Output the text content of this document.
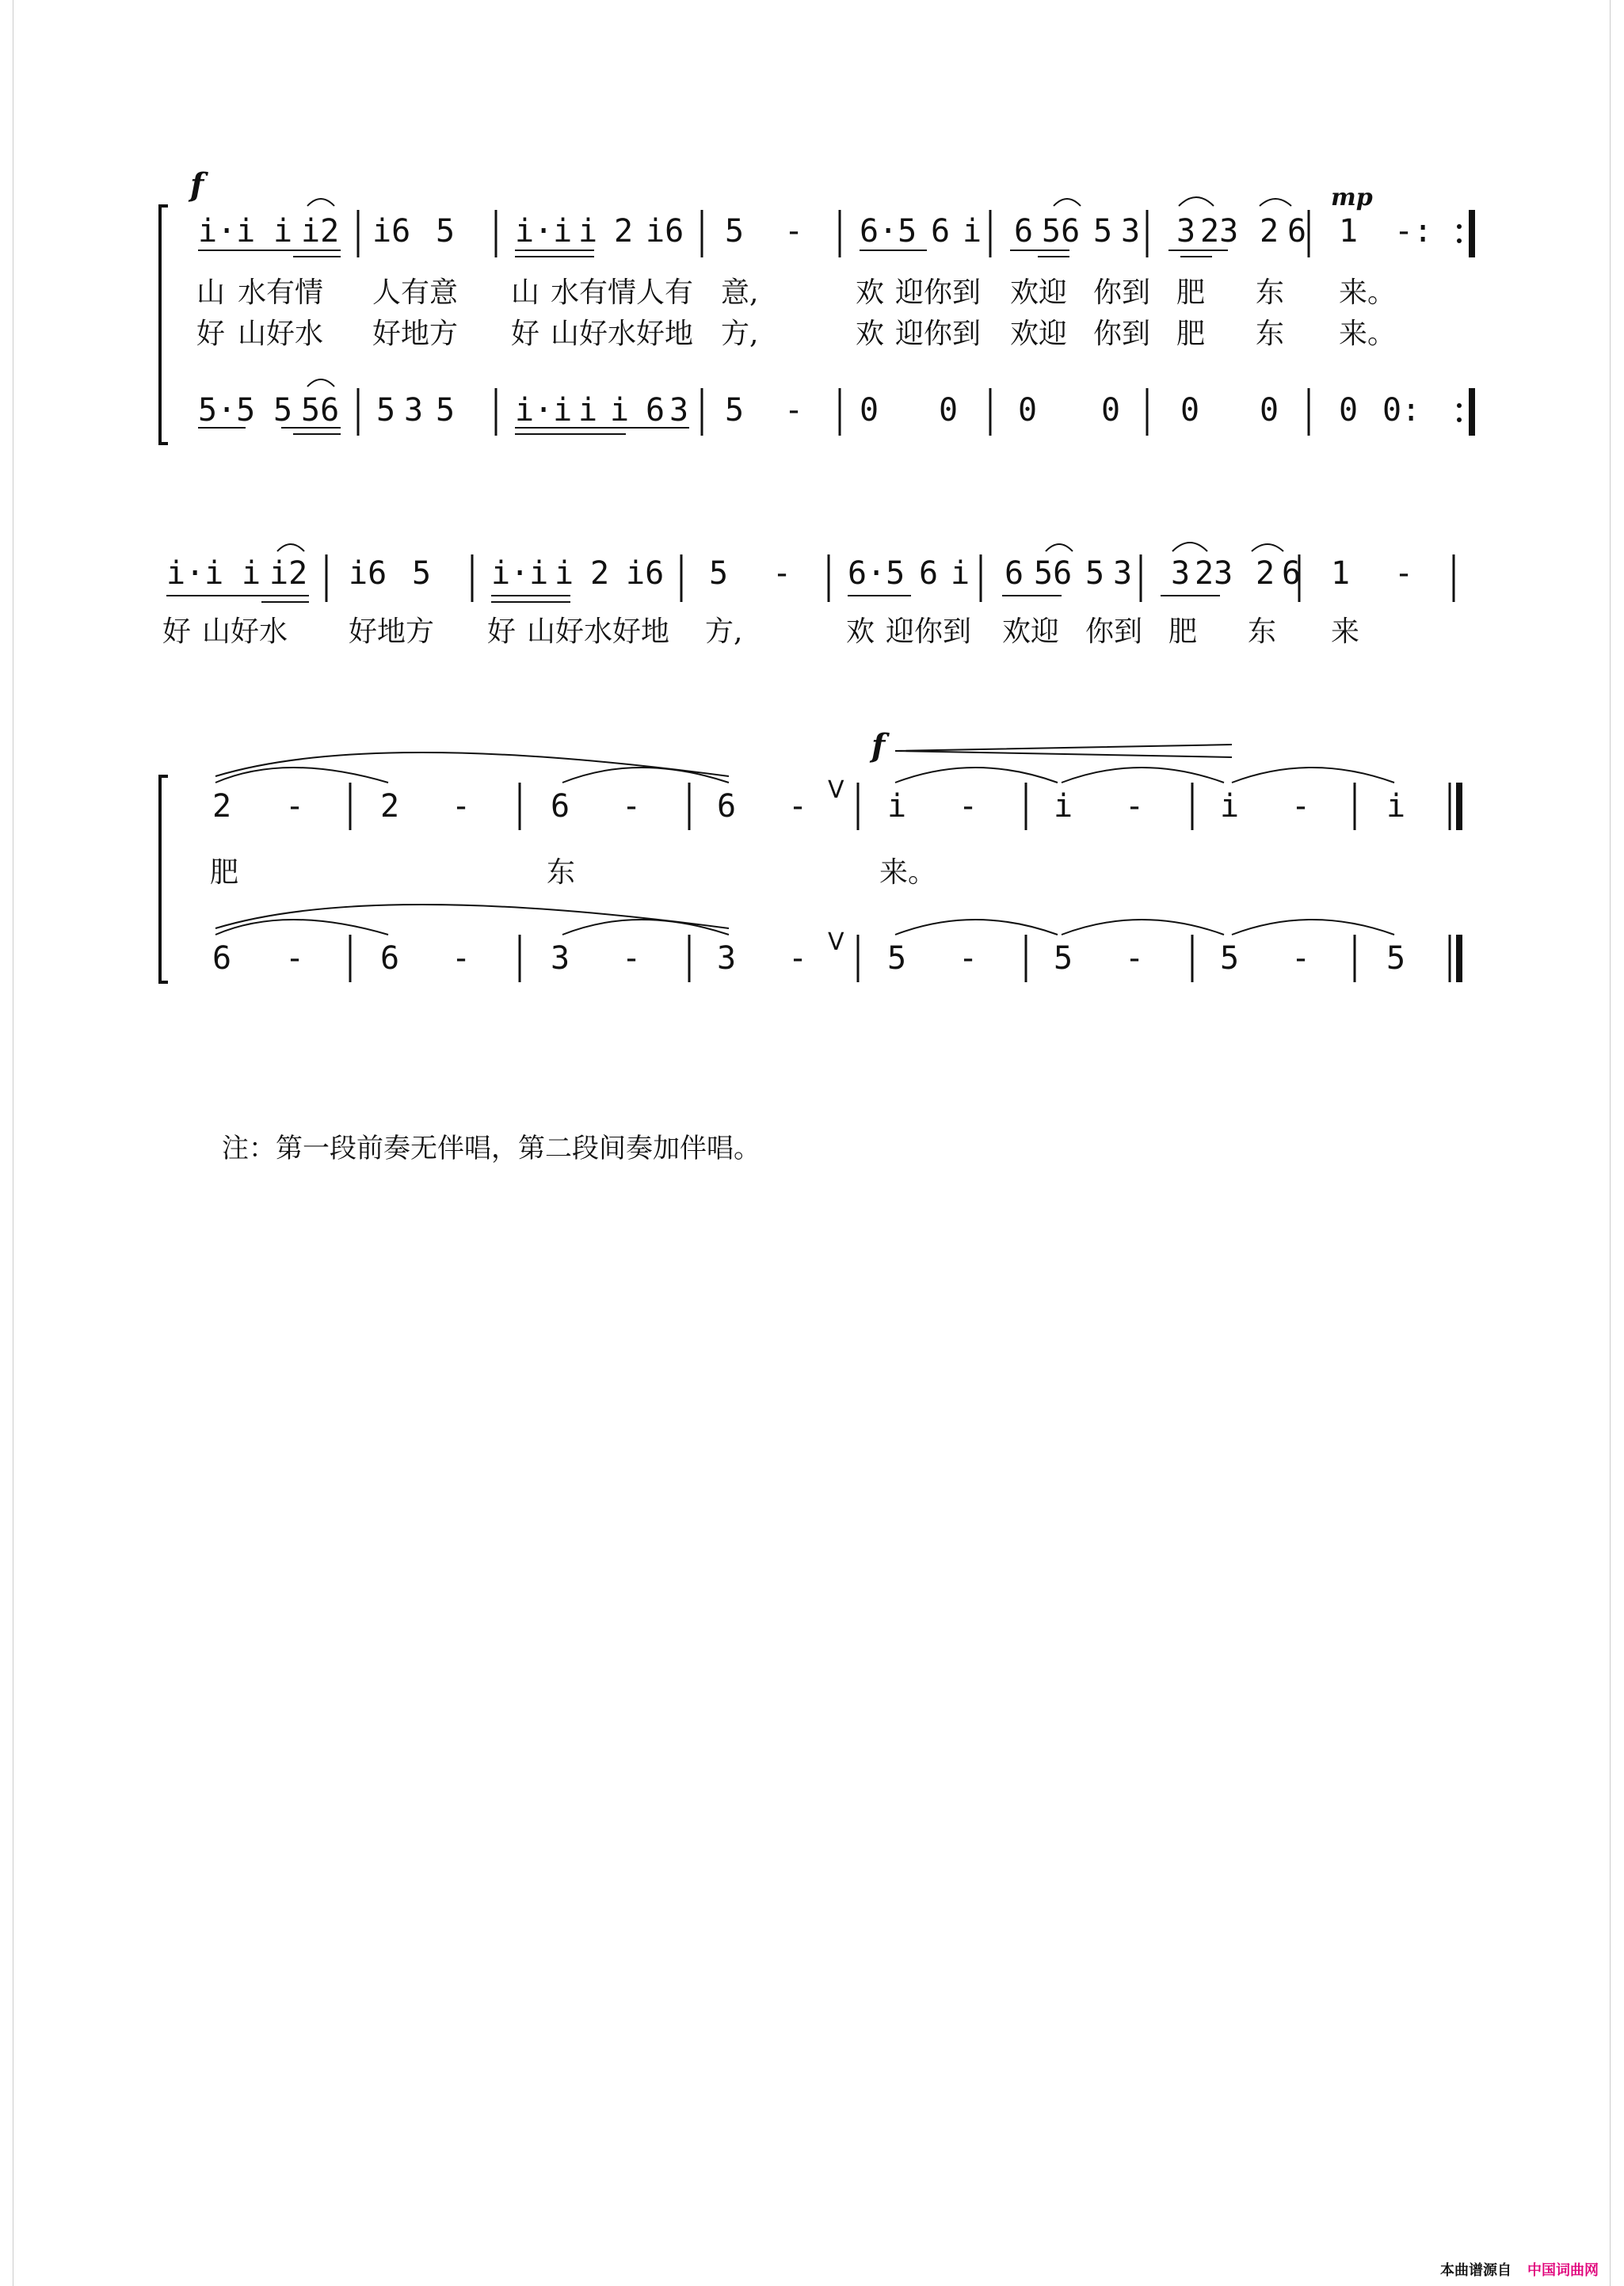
f	mp
i·i i i2 i6 5 i·i i 2 i6 5 - 6·5 6 i 6 56 5 3 3 23 2 6 1 -:
山 水有情 人有意 山 水有情人有 意,	欢 迎你到 欢迎 你到 肥 东 来。
好 山好水 好地方 好 山好水好地 方,	欢 迎你到 欢迎 你到 肥 东 来。
5·5 5 56 5 3 5 i·i i i 6 3 5 - 0 0 0 0 0 0 0 0:
i·i i i2 i6 5 i·i i 2 i6 5 - 6·5 6 i 6 56 5 3 3 23 2 6 1 -
好 山好水 好地方 好 山好水好地 方,	欢 迎你到 欢迎 你到 肥 东 来
f
V
V
2 - 2 -	6 - 6 -	i - i - i - i
肥	东	来。
6 - 6 -	3 - 3 -	5 - 5 - 5 - 5
注：第一段前奏无伴唱，第二段间奏加伴唱。
本曲谱源自 中国词曲网
